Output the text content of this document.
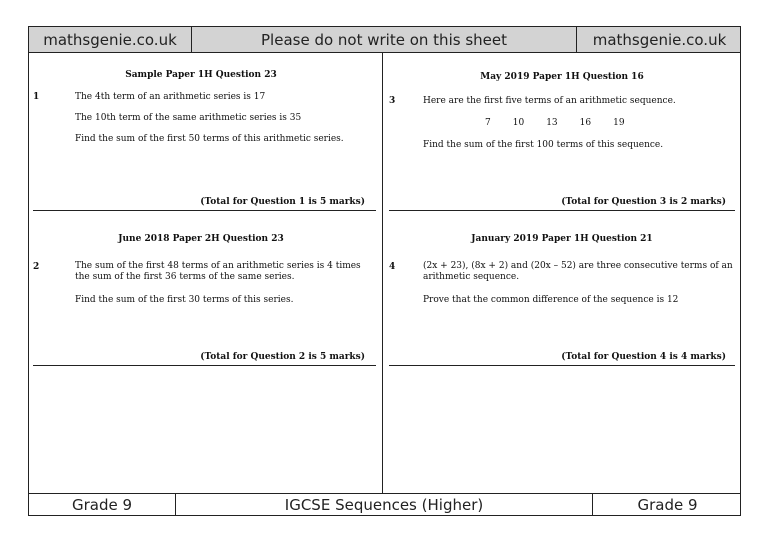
mathsgenie.co.uk	Please do not write on this sheet	mathsgenie.co.uk
Sample Paper 1H Question 23
1	The 4th term of an arithmetic series is 17

The 10th term of the same arithmetic series is 35

Find the sum of the first 50 terms of this arithmetic series.

(Total for Question 1 is 5 marks)
May 2019 Paper 1H Question 16
3	Here are the first five terms of an arithmetic sequence.

7 10 13 16 19

Find the sum of the first 100 terms of this sequence.

(Total for Question 3 is 2 marks)
June 2018 Paper 2H Question 23
2	The sum of the first 48 terms of an arithmetic series is 4 times the sum of the first 36 terms of the same series.

Find the sum of the first 30 terms of this series.

(Total for Question 2 is 5 marks)
January 2019 Paper 1H Question 21
4	(2x + 23), (8x + 2) and (20x – 52) are three consecutive terms of an arithmetic sequence.

Prove that the common difference of the sequence is 12

(Total for Question 4 is 4 marks)
Grade 9	IGCSE Sequences (Higher)	Grade 9
